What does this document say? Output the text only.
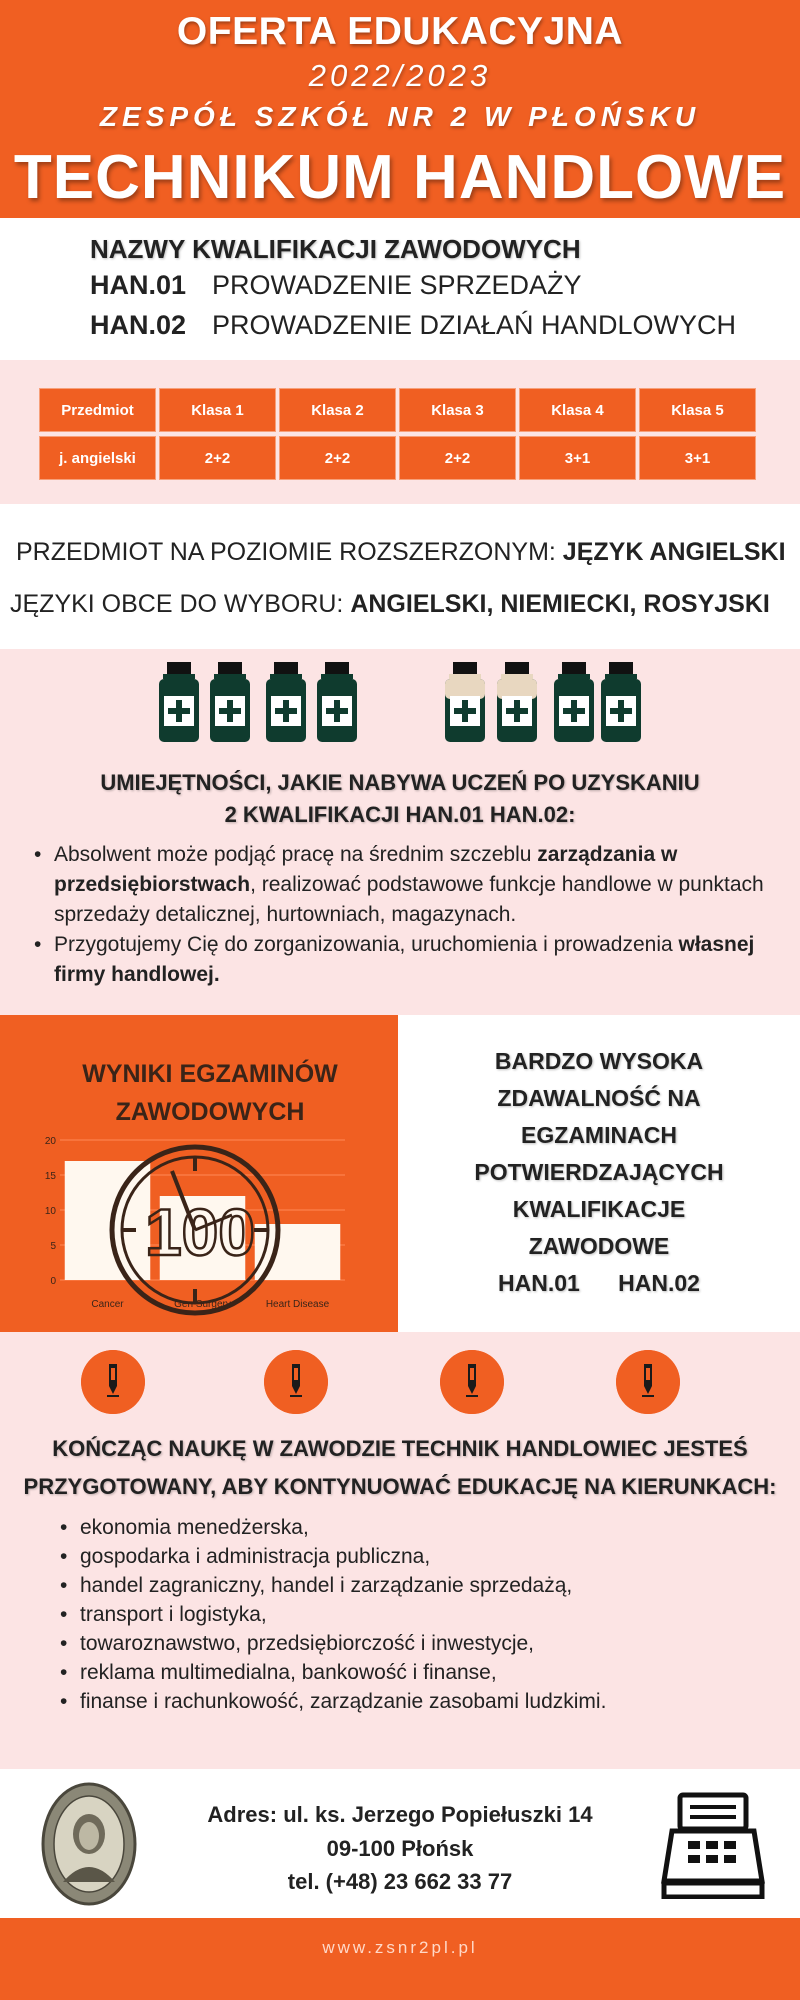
OFERTA EDUKACYJNA
2022/2023
ZESPÓŁ SZKÓŁ NR 2 W PŁOŃSKU
TECHNIKUM HANDLOWE
NAZWY KWALIFIKACJI ZAWODOWYCH
HAN.01 PROWADZENIE SPRZEDAŻY
HAN.02 PROWADZENIE DZIAŁAŃ HANDLOWYCH
Przedmiot	Klasa 1	Klasa 2	Klasa 3	Klasa 4	Klasa 5
j. angielski	2+2	2+2	2+2	3+1	3+1
PRZEDMIOT NA POZIOMIE ROZSZERZONYM: JĘZYK ANGIELSKI
JĘZYKI OBCE DO WYBORU: ANGIELSKI, NIEMIECKI, ROSYJSKI
UMIEJĘTNOŚCI, JAKIE NABYWA UCZEŃ PO UZYSKANIU
2 KWALIFIKACJI HAN.01 HAN.02:
• Absolwent może podjąć pracę na średnim szczeblu zarządzania w przedsiębiorstwach, realizować podstawowe funkcje handlowe w punktach sprzedaży detalicznej, hurtowniach, magazynach.
• Przygotujemy Cię do zorganizowania, uruchomienia i prowadzenia własnej firmy handlowej.
WYNIKI EGZAMINÓW
ZAWODOWYCH
20
15
10
5
0
Cancer	Gen Surgery	Heart Disease
100
BARDZO WYSOKA
ZDAWALNOŚĆ NA
EGZAMINACH
POTWIERDZAJĄCYCH
KWALIFIKACJE
ZAWODOWE
HAN.01      HAN.02
KOŃCZĄC NAUKĘ W ZAWODZIE TECHNIK HANDLOWIEC JESTEŚ
PRZYGOTOWANY, ABY KONTYNUOWAĆ EDUKACJĘ NA KIERUNKACH:
• ekonomia menedżerska,
• gospodarka i administracja publiczna,
• handel zagraniczny, handel i zarządzanie sprzedażą,
• transport i logistyka,
• towaroznawstwo, przedsiębiorczość i inwestycje,
• reklama multimedialna, bankowość i finanse,
• finanse i rachunkowość, zarządzanie zasobami ludzkimi.
Adres: ul. ks. Jerzego Popiełuszki 14
09-100 Płońsk
tel. (+48) 23 662 33 77
www.zsnr2pl.pl
